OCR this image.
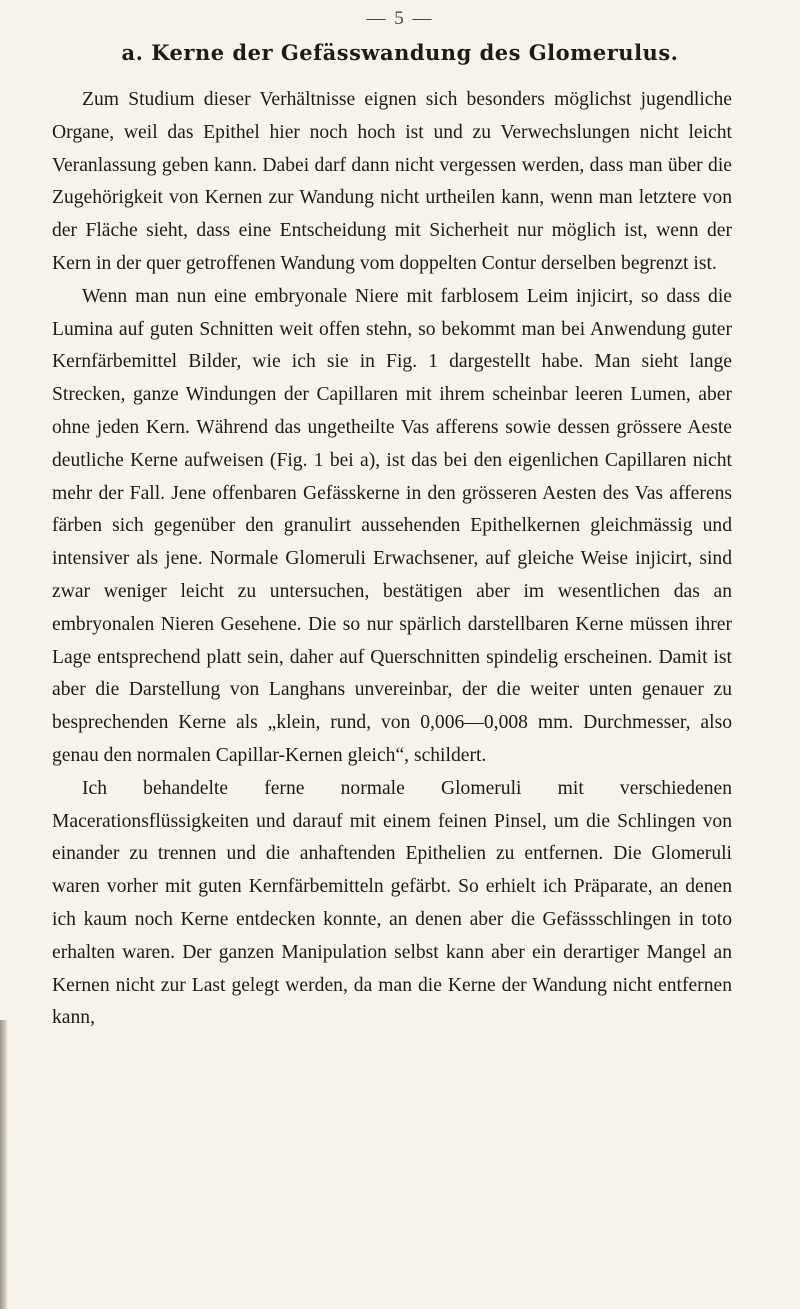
— 5 —
a. Kerne der Gefässwandung des Glomerulus.

Zum Studium dieser Verhältnisse eignen sich besonders möglichst jugendliche Organe, weil das Epithel hier noch hoch ist und zu Verwechslungen nicht leicht Veranlassung geben kann. Dabei darf dann nicht vergessen werden, dass man über die Zugehörigkeit von Kernen zur Wandung nicht urtheilen kann, wenn man letztere von der Fläche sieht, dass eine Entscheidung mit Sicherheit nur möglich ist, wenn der Kern in der quer getroffenen Wandung vom doppelten Contur derselben begrenzt ist.

Wenn man nun eine embryonale Niere mit farblosem Leim injicirt, so dass die Lumina auf guten Schnitten weit offen stehn, so bekommt man bei Anwendung guter Kernfärbemittel Bilder, wie ich sie in Fig. 1 dargestellt habe. Man sieht lange Strecken, ganze Windungen der Capillaren mit ihrem scheinbar leeren Lumen, aber ohne jeden Kern. Während das ungetheilte Vas afferens sowie dessen grössere Aeste deutliche Kerne aufweisen (Fig. 1 bei a), ist das bei den eigenlichen Capillaren nicht mehr der Fall. Jene offenbaren Gefässkerne in den grösseren Aesten des Vas afferens färben sich gegenüber den granulirt aussehenden Epithelkernen gleichmässig und intensiver als jene. Normale Glomeruli Erwachsener, auf gleiche Weise injicirt, sind zwar weniger leicht zu untersuchen, bestätigen aber im wesentlichen das an embryonalen Nieren Gesehene. Die so nur spärlich darstellbaren Kerne müssen ihrer Lage entsprechend platt sein, daher auf Querschnitten spindelig erscheinen. Damit ist aber die Darstellung von Langhans unvereinbar, der die weiter unten genauer zu besprechenden Kerne als „klein, rund, von 0,006—0,008 mm. Durchmesser, also genau den normalen Capillar-Kernen gleich“, schildert.

Ich behandelte ferne normale Glomeruli mit verschiedenen Macerationsflüssigkeiten und darauf mit einem feinen Pinsel, um die Schlingen von einander zu trennen und die anhaftenden Epithelien zu entfernen. Die Glomeruli waren vorher mit guten Kernfärbemitteln gefärbt. So erhielt ich Präparate, an denen ich kaum noch Kerne entdecken konnte, an denen aber die Gefässschlingen in toto erhalten waren. Der ganzen Manipulation selbst kann aber ein derartiger Mangel an Kernen nicht zur Last gelegt werden, da man die Kerne der Wandung nicht entfernen kann,
